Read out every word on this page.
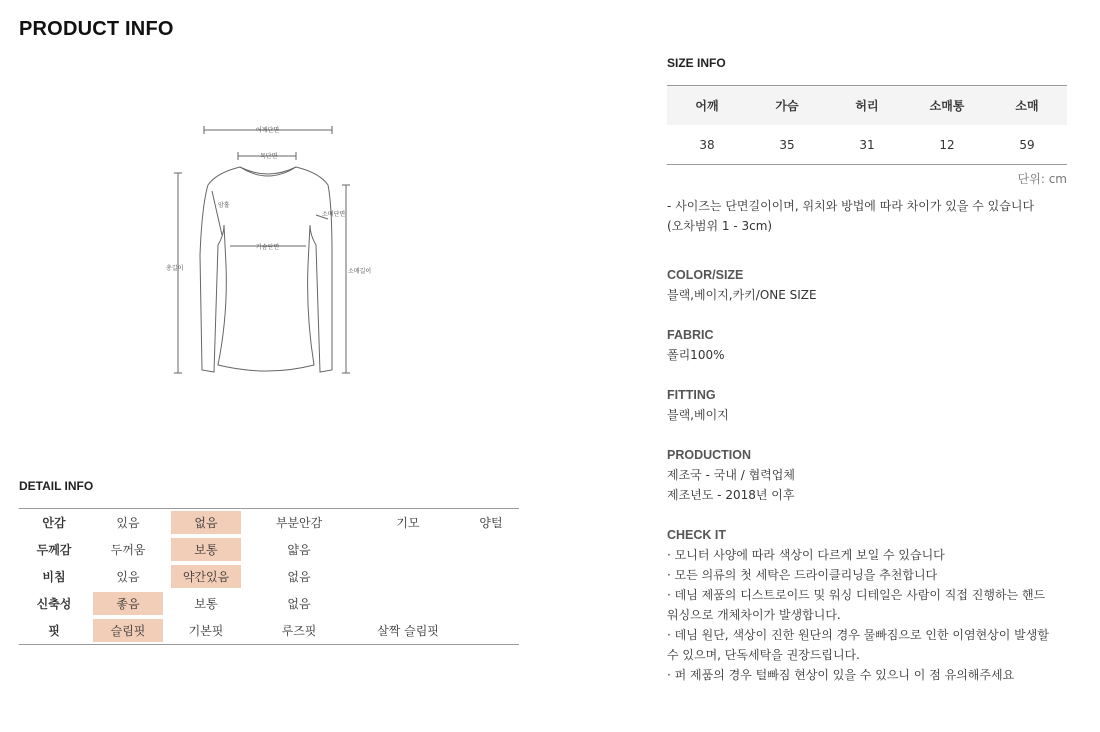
PRODUCT INFO
어깨단면
목단면
암홀
소매단면
가슴단면
총길이	소매길이
DETAIL INFO
안감	있음	없음	부분안감	기모	양털
두께감	두꺼움	보통	얇음		
비침	있음	약간있음	없음		
신축성	좋음	보통	없음		
핏	슬림핏	기본핏	루즈핏	살짝 슬림핏	
SIZE INFO
어깨	가슴	허리	소매통	소매
38	35	31	12	59
단위: cm
- 사이즈는 단면길이이며, 위치와 방법에 따라 차이가 있을 수 있습니다
(오차범위 1 - 3cm)
COLOR/SIZE
블랙,베이지,카키/ONE SIZE
FABRIC
폴리100%
FITTING
블랙,베이지
PRODUCTION
제조국 - 국내 / 협력업체
제조년도 - 2018년 이후
CHECK IT
· 모니터 사양에 따라 색상이 다르게 보일 수 있습니다
· 모든 의류의 첫 세탁은 드라이클리닝을 추천합니다
· 데님 제품의 디스트로이드 및 워싱 디테일은 사람이 직접 진행하는 핸드
워싱으로 개체차이가 발생합니다.
· 데님 원단, 색상이 진한 원단의 경우 물빠짐으로 인한 이염현상이 발생할
수 있으며, 단독세탁을 권장드립니다.
· 퍼 제품의 경우 털빠짐 현상이 있을 수 있으니 이 점 유의해주세요
